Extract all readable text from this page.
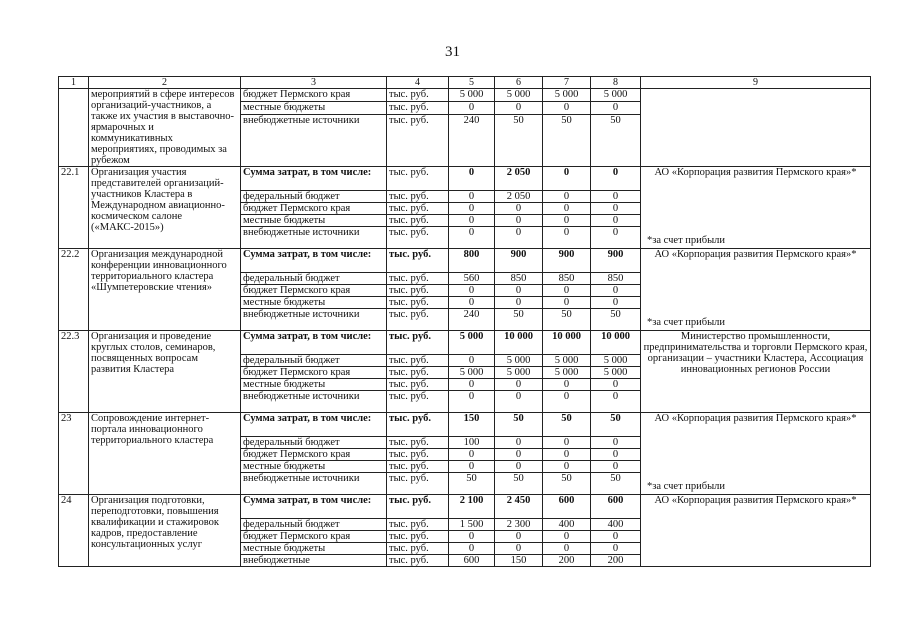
31
1	2	3	4	5	6	7	8	9
	мероприятий в сфере интересов организаций-участников, а также их участия в выставочно-ярмарочных и коммуникативных мероприятиях, проводимых за рубежом	бюджет Пермского края	тыс. руб.	5 000	5 000	5 000	5 000	
		местные бюджеты	тыс. руб.	0	0	0	0	
		внебюджетные источники	тыс. руб.	240	50	50	50	
22.1	Организация участия представителей организаций-участников Кластера в Международном авиационно-космическом салоне («МАКС-2015»)	Сумма затрат, в том числе:	тыс. руб.	0	2 050	0	0	АО «Корпорация развития Пермского края»*
*за счет прибыли

		федеральный бюджет	тыс. руб.	0	2 050	0	0	
		бюджет Пермского края	тыс. руб.	0	0	0	0	
		местные бюджеты	тыс. руб.	0	0	0	0	
		внебюджетные источники	тыс. руб.	0	0	0	0	
22.2	Организация международной конференции инновационного территориального кластера «Шумпетеровские чтения»	Сумма затрат, в том числе:	тыс. руб.	800	900	900	900	АО «Корпорация развития Пермского края»*
*за счет прибыли

		федеральный бюджет	тыс. руб.	560	850	850	850	
		бюджет Пермского края	тыс. руб.	0	0	0	0	
		местные бюджеты	тыс. руб.	0	0	0	0	
		внебюджетные источники	тыс. руб.	240	50	50	50	
22.3	Организация и проведение круглых столов, семинаров, посвященных вопросам развития Кластера	Сумма затрат, в том числе:	тыс. руб.	5 000	10 000	10 000	10 000	Министерство промышленности, предпринимательства и торговли Пермского края, организации – участники Кластера, Ассоциация инновационных регионов России

		федеральный бюджет	тыс. руб.	0	5 000	5 000	5 000	
		бюджет Пермского края	тыс. руб.	5 000	5 000	5 000	5 000	
		местные бюджеты	тыс. руб.	0	0	0	0	
		внебюджетные источники	тыс. руб.	0	0	0	0	
23	Сопровождение интернет-портала инновационного территориального кластера	Сумма затрат, в том числе:	тыс. руб.	150	50	50	50	АО «Корпорация развития Пермского края»*
*за счет прибыли

		федеральный бюджет	тыс. руб.	100	0	0	0	
		бюджет Пермского края	тыс. руб.	0	0	0	0	
		местные бюджеты	тыс. руб.	0	0	0	0	
		внебюджетные источники	тыс. руб.	50	50	50	50	
24	Организация подготовки, переподготовки, повышения квалификации и стажировок кадров, предоставление консультационных услуг	Сумма затрат, в том числе:	тыс. руб.	2 100	2 450	600	600	АО «Корпорация развития Пермского края»*

		федеральный бюджет	тыс. руб.	1 500	2 300	400	400	
		бюджет Пермского края	тыс. руб.	0	0	0	0	
		местные бюджеты	тыс. руб.	0	0	0	0	
		внебюджетные	тыс. руб.	600	150	200	200	
